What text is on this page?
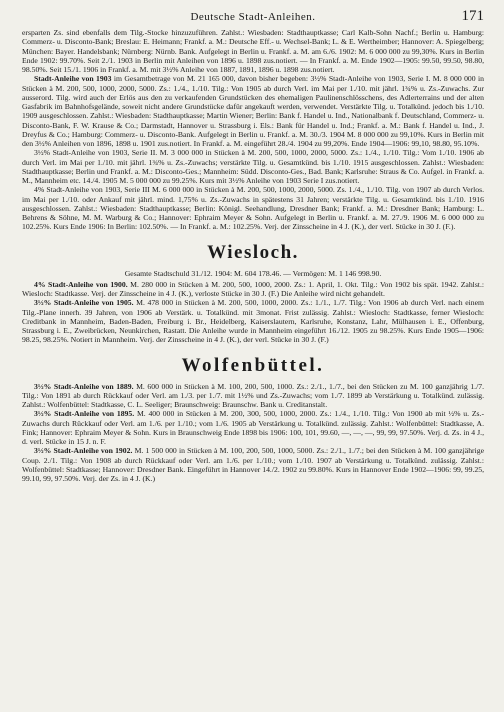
Deutsche Stadt-Anleihen.	171

ersparten Zs. sind ebenfalls dem Tilg.-Stocke hinzuzuführen. Zahlst.: Wiesbaden: Stadthauptkasse; Carl Kalb-Sohn Nachf.; Berlin u. Hamburg: Commerz- u. Disconto-Bank; Breslau: E. Heimann; Frankf. a. M.: Deutsche Eff.- u. Wechsel-Bank; L. & E. Wertheimber; Hannover: A. Spiegelberg; München: Bayer. Handelsbank; Nürnberg: Nürnb. Bank. Aufgelegt in Berlin u. Frankf. a. M. am 6./6. 1902: M. 6 000 000 zu 99,30%. Kurs in Berlin Ende 1902: 99.70%. Seit 2./1. 1903 in Berlin mit Anleihen von 1896 u. 1898 zus.notiert. — In Frankf. a. M. Ende 1902—1905: 99.50, 99.50, 98.80, 98.50%. Seit 15./1. 1906 in Frankf. a. M. mit 3½% Anleihe von 1887, 1891, 1896 u. 1898 zus.notiert.

Stadt-Anleihe von 1903 im Gesamtbetrage von M. 21 165 000, davon bisher begeben: 3½% Stadt-Anleihe von 1903, Serie I. M. 8 000 000 in Stücken à M. 200, 500, 1000, 2000, 5000. Zs.: 1./4., 1./10. Tilg.: Von 1905 ab durch Verl. im Mai per 1./10. mit jährl. 1¾% u. Zs.-Zuwachs. Zur ausserord. Tilg. wird auch der Erlös aus den zu verkaufenden Grundstücken des ehemaligen Paulinenschlösschens, des Adlerterrains und der alten Gasfabrik im Bahnhofsgelände, soweit nicht andere Grundstücke dafür angekauft werden, verwendet. Verstärkte Tilg. u. Totalkünd. jedoch bis 1./10. 1909 ausgeschlossen. Zahlst.: Wiesbaden: Stadthauptkasse; Martin Wiener; Berlin: Bank f. Handel u. Ind., Nationalbank f. Deutschland, Commerz- u. Disconto-Bank, F. W. Krause & Co.; Darmstadt, Hannover u. Strassburg i. Els.: Bank für Handel u. Ind.; Frankf. a. M.: Bank f. Handel u. Ind., J. Dreyfus & Co.; Hamburg: Commerz- u. Disconto-Bank. Aufgelegt in Berlin u. Frankf. a. M. 30./3. 1904 M. 8 000 000 zu 99,10%. Kurs in Berlin mit den 3½% Anleihen von 1896, 1898 u. 1901 zus.notiert. In Frankf. a. M. eingeführt 28./4. 1904 zu 99,20%. Ende 1904—1906: 99,10, 98.80, 95.10%.

3½% Stadt-Anleihe von 1903, Serie II. M. 3 000 000 in Stücken à M. 200, 500, 1000, 2000, 5000. Zs.: 1./4., 1./10. Tilg.: Vom 1./10. 1906 ab durch Verl. im Mai per 1./10. mit jährl. 1¾% u. Zs.-Zuwachs; verstärkte Tilg. u. Gesamtkünd. bis 1./10. 1915 ausgeschlossen. Zahlst.: Wiesbaden: Stadthauptkasse; Berlin und Frankf. a. M.: Disconto-Ges.; Mannheim: Südd. Disconto-Ges., Bad. Bank; Karlsruhe: Straus & Co. Aufgel. in Frankf. a. M., Mannheim etc. 14./4. 1905 M. 5 000 000 zu 99.25%. Kurs mit 3½% Anleihe von 1903 Serie I zus.notiert.

4% Stadt-Anleihe von 1903, Serie III M. 6 000 000 in Stücken à M. 200, 500, 1000, 2000, 5000. Zs. 1./4., 1./10. Tilg. von 1907 ab durch Verlos. im Mai per 1./10. oder Ankauf mit jährl. mind. 1,75% u. Zs.-Zuwachs in spätestens 31 Jahren; verstärkte Tilg. u. Gesamtkünd. bis 1./10. 1916 ausgeschlossen. Zahlst.: Wiesbaden: Stadthauptkasse; Berlin: Königl. Seehandlung, Dresdner Bank; Frankf. a. M.: Dresdner Bank; Hamburg: L. Behrens & Söhne, M. M. Warburg & Co.; Hannover: Ephraim Meyer & Sohn. Aufgelegt in Berlin u. Frankf. a. M. 27./9. 1906 M. 6 000 000 zu 102.25%. Kurs Ende 1906: In Berlin: 102.50%. — In Frankf. a. M.: 102.25%. Verj. der Zinsscheine in 4 J. (K.), der verl. Stücke in 30 J. (F.).

Wiesloch.
Gesamte Stadtschuld 31./12. 1904: M. 604 178.46. — Vermögen: M. 1 146 998.90.

4% Stadt-Anleihe von 1900. M. 280 000 in Stücken à M. 200, 500, 1000, 2000. Zs.: 1. April, 1. Okt. Tilg.: Von 1902 bis spät. 1942. Zahlst.: Wiesloch: Stadtkasse. Verj. der Zinsscheine in 4 J. (K.), verloste Stücke in 30 J. (F.) Die Anleihe wird nicht gehandelt.

3½% Stadt-Anleihe von 1905. M. 478 000 in Stücken à M. 200, 500, 1000, 2000. Zs.: 1./1., 1./7. Tilg.: Von 1906 ab durch Verl. nach einem Tilg.-Plane innerh. 39 Jahren, von 1906 ab Verstärk. u. Totalkünd. mit 3monat. Frist zulässig. Zahlst.: Wiesloch: Stadtkasse, ferner Wiesloch: Creditbank in Mannheim, Baden-Baden, Freiburg i. Br., Heidelberg, Kaiserslautern, Karlsruhe, Konstanz, Lahr, Mülhausen i. E., Offenburg, Strassburg i. E., Zweibrücken, Neunkirchen, Rastatt. Die Anleihe wurde in Mannheim eingeführt 16./12. 1905 zu 98.25%. Kurs Ende 1905—1906: 98.25, 98.25%. Notiert in Mannheim. Verj. der Zinsscheine in 4 J. (K.), der verl. Stücke in 30 J. (F.)

Wolfenbüttel.

3½% Stadt-Anleihe von 1889. M. 600 000 in Stücken à M. 100, 200, 500, 1000. Zs.: 2./1., 1./7., bei den Stücken zu M. 100 ganzjährig 1./7. Tilg.: Von 1891 ab durch Rückkauf oder Verl. am 1./3. per 1./7. mit 1½% und Zs.-Zuwachs; vom 1./7. 1899 ab Verstärkung u. Totalkünd. zulässig. Zahlst.: Wolfenbüttel: Stadtkasse, C. L. Seeliger; Braunschweig: Braunschw. Bank u. Creditanstalt.

3½% Stadt-Anleihe von 1895. M. 400 000 in Stücken à M. 200, 300, 500, 1000, 2000. Zs.: 1./4., 1./10. Tilg.: Von 1900 ab mit ½% u. Zs.-Zuwachs durch Rückkauf oder Verl. am 1./6. per 1./10.; vom 1./6. 1905 ab Verstärkung u. Totalkünd. zulässig. Zahlst.: Wolfenbüttel: Stadtkasse, A. Fink; Hannover: Ephraim Meyer & Sohn. Kurs in Braunschweig Ende 1898 bis 1906: 100, 101, 99.60, —, —, —, 99, 99, 97.50%. Verj. d. Zs. in 4 J., d. verl. Stücke in 15 J. n. F.

3½% Stadt-Anleihe von 1902. M. 1 500 000 in Stücken à M. 100, 200, 500, 1000, 5000. Zs.: 2./1., 1./7.; bei den Stücken à M. 100 ganzjährige Coup. 2./1. Tilg.: Von 1908 ab durch Rückkauf oder Verl. am 1./6. per 1./10.; vom 1./10. 1907 ab Verstärkung u. Totalkünd. zulässig. Zahlst.: Wolfenbüttel: Stadtkasse; Hannover: Dresdner Bank. Eingeführt in Hannover 14./2. 1902 zu 99.80%. Kurs in Hannover Ende 1902—1906: 99, 99.25, 99.10, 99, 97.50%. Verj. der Zs. in 4 J. (K.)
